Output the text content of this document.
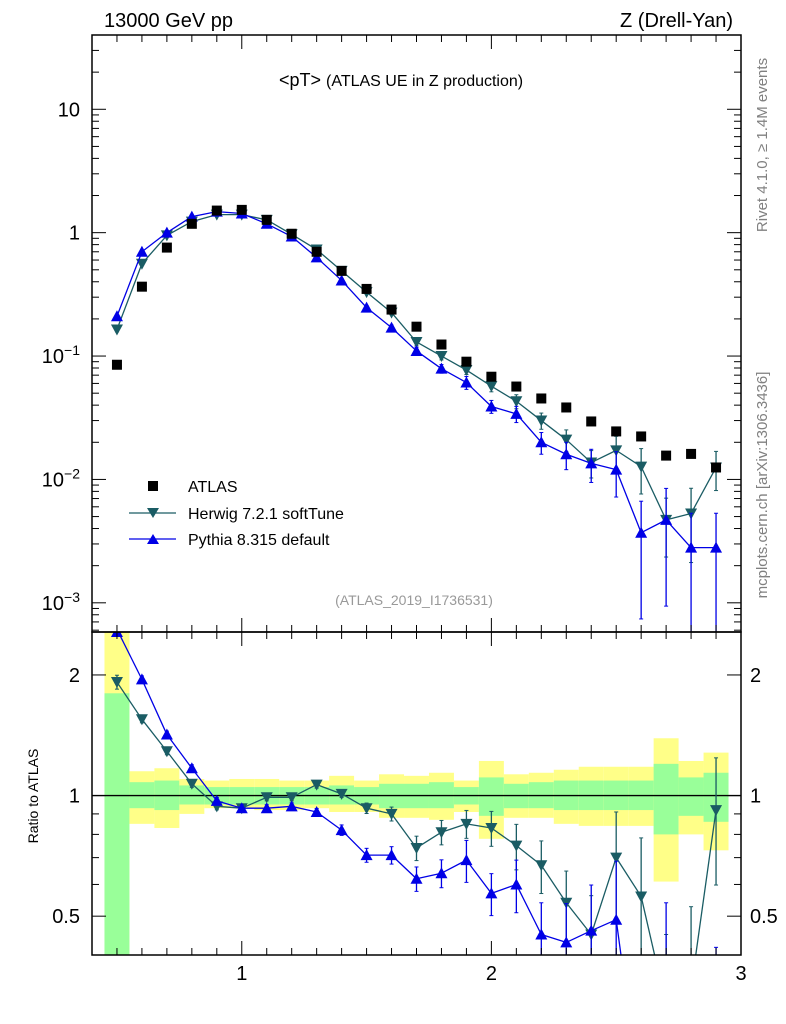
13000 GeV pp	Z (Drell-Yan)
Rivet 4.1.0, ≥ 1.4M events
mcplots.cern.ch [arXiv:1306.3436]
<pT> (ATLAS UE in Z production)
(ATLAS_2019_I1736531)
Ratio to ATLAS
1	2	3
10
1
$10^{-1}$
$10^{-2}$
$10^{-3}$
2	2
1	1
0.5	0.5
ATLAS
Herwig 7.2.1 softTune
Pythia 8.315 default
